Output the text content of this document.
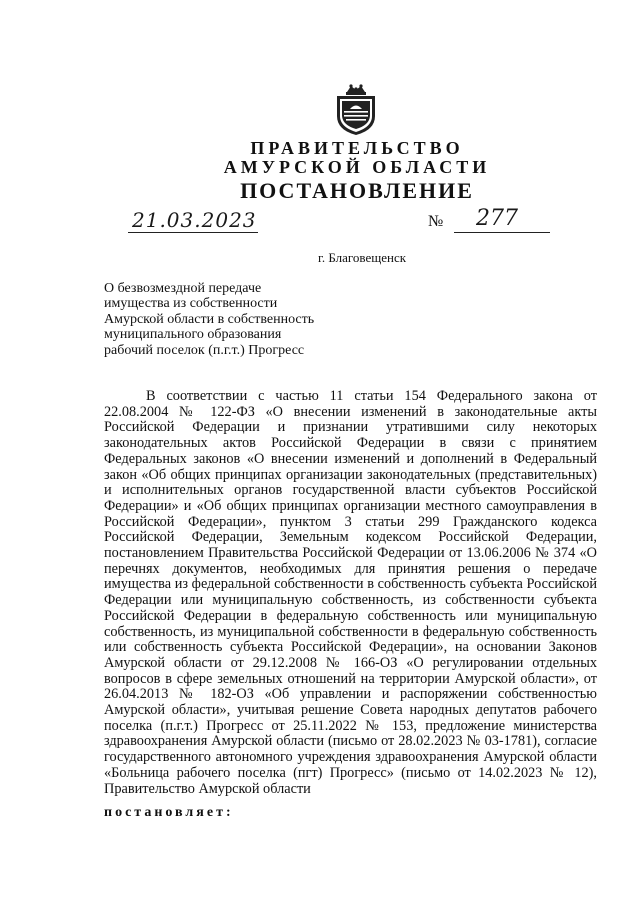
ПРАВИТЕЛЬСТВО
АМУРСКОЙ ОБЛАСТИ
ПОСТАНОВЛЕНИЕ
21.03.2023	№ 277
г. Благовещенск
О безвозмездной передаче
имущества из собственности
Амурской области в собственность
муниципального образования
рабочий поселок (п.г.т.) Прогресс

В соответствии с частью 11 статьи 154 Федерального закона от 22.08.2004 № 122-ФЗ «О внесении изменений в законодательные акты Российской Федерации и признании утратившими силу некоторых законодательных актов Российской Федерации в связи с принятием Федеральных законов «О внесении изменений и дополнений в Федеральный закон «Об общих принципах организации законодательных (представительных) и исполнительных органов государственной власти субъектов Российской Федерации» и «Об общих принципах организации местного самоуправления в Российской Федерации», пунктом 3 статьи 299 Гражданского кодекса Российской Федерации, Земельным кодексом Российской Федерации, постановлением Правительства Российской Федерации от 13.06.2006 № 374 «О перечнях документов, необходимых для принятия решения о передаче имущества из федеральной собственности в собственность субъекта Российской Федерации или муниципальную собственность, из собственности субъекта Российской Федерации в федеральную собственность или муниципальную собственность, из муниципальной собственности в федеральную собственность или собственность субъекта Российской Федерации», на основании Законов Амурской области от 29.12.2008 № 166-ОЗ «О регулировании отдельных вопросов в сфере земельных отношений на территории Амурской области», от 26.04.2013 № 182-ОЗ «Об управлении и распоряжении собственностью Амурской области», учитывая решение Совета народных депутатов рабочего поселка (п.г.т.) Прогресс от 25.11.2022 № 153, предложение министерства здравоохранения Амурской области (письмо от 28.02.2023 № 03-1781), согласие государственного автономного учреждения здравоохранения Амурской области «Больница рабочего поселка (пгт) Прогресс» (письмо от 14.02.2023 № 12), Правительство Амурской области

постановляет:
